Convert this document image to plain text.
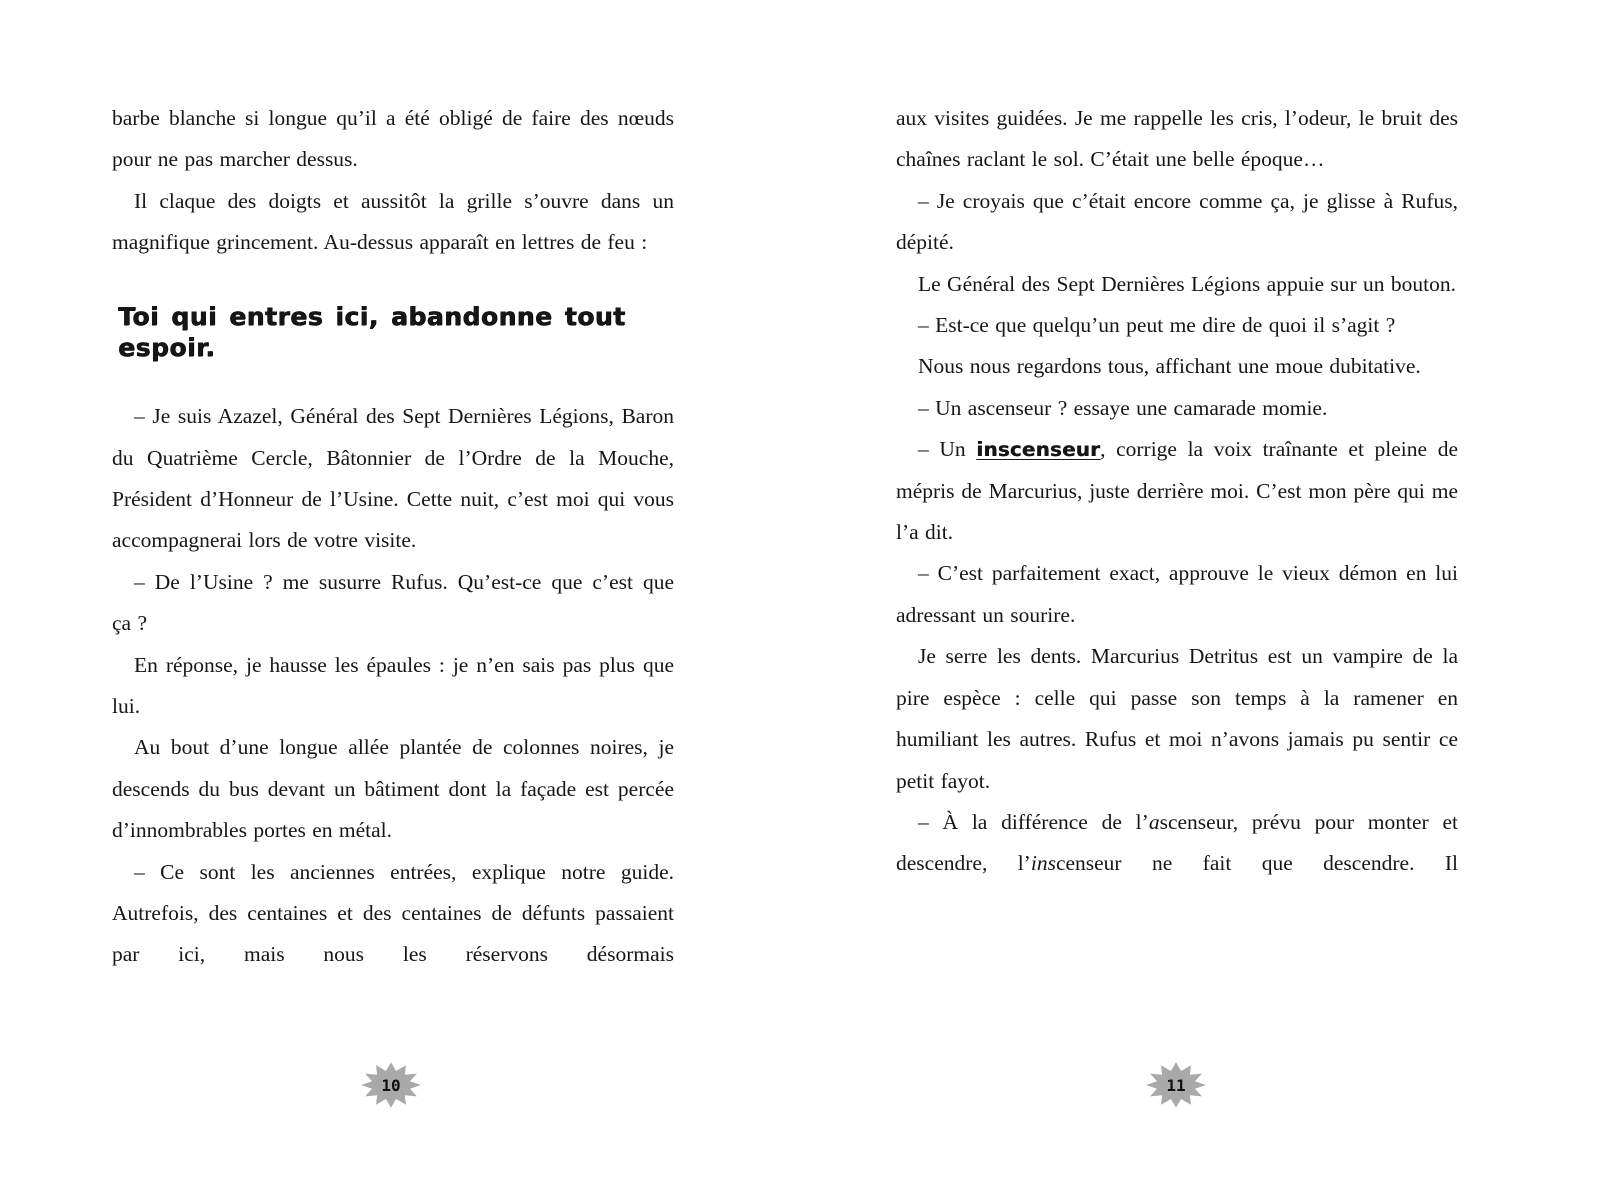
barbe blanche si longue qu’il a été obligé de faire des nœuds pour ne pas marcher dessus.

Il claque des doigts et aussitôt la grille s’ouvre dans un magnifique grincement. Au-dessus apparaît en lettres de feu :

Toi qui entres ici, abandonne tout espoir.

– Je suis Azazel, Général des Sept Dernières Légions, Baron du Quatrième Cercle, Bâtonnier de l’Ordre de la Mouche, Président d’Honneur de l’Usine. Cette nuit, c’est moi qui vous accompagnerai lors de votre visite.

– De l’Usine ? me susurre Rufus. Qu’est-ce que c’est que ça ?

En réponse, je hausse les épaules : je n’en sais pas plus que lui.

Au bout d’une longue allée plantée de colonnes noires, je descends du bus devant un bâtiment dont la façade est percée d’innombrables portes en métal.

– Ce sont les anciennes entrées, explique notre guide. Autrefois, des centaines et des centaines de défunts passaient par ici, mais nous les réservons désormais

aux visites guidées. Je me rappelle les cris, l’odeur, le bruit des chaînes raclant le sol. C’était une belle époque…

– Je croyais que c’était encore comme ça, je glisse à Rufus, dépité.

Le Général des Sept Dernières Légions appuie sur un bouton.

– Est-ce que quelqu’un peut me dire de quoi il s’agit ?

Nous nous regardons tous, affichant une moue dubitative.

– Un ascenseur ? essaye une camarade momie.

– Un inscenseur, corrige la voix traînante et pleine de mépris de Marcurius, juste derrière moi. C’est mon père qui me l’a dit.

– C’est parfaitement exact, approuve le vieux démon en lui adressant un sourire.

Je serre les dents. Marcurius Detritus est un vampire de la pire espèce : celle qui passe son temps à la ramener en humiliant les autres. Rufus et moi n’avons jamais pu sentir ce petit fayot.

– À la différence de l’ascenseur, prévu pour monter et descendre, l’inscenseur ne fait que descendre. Il

10	11
